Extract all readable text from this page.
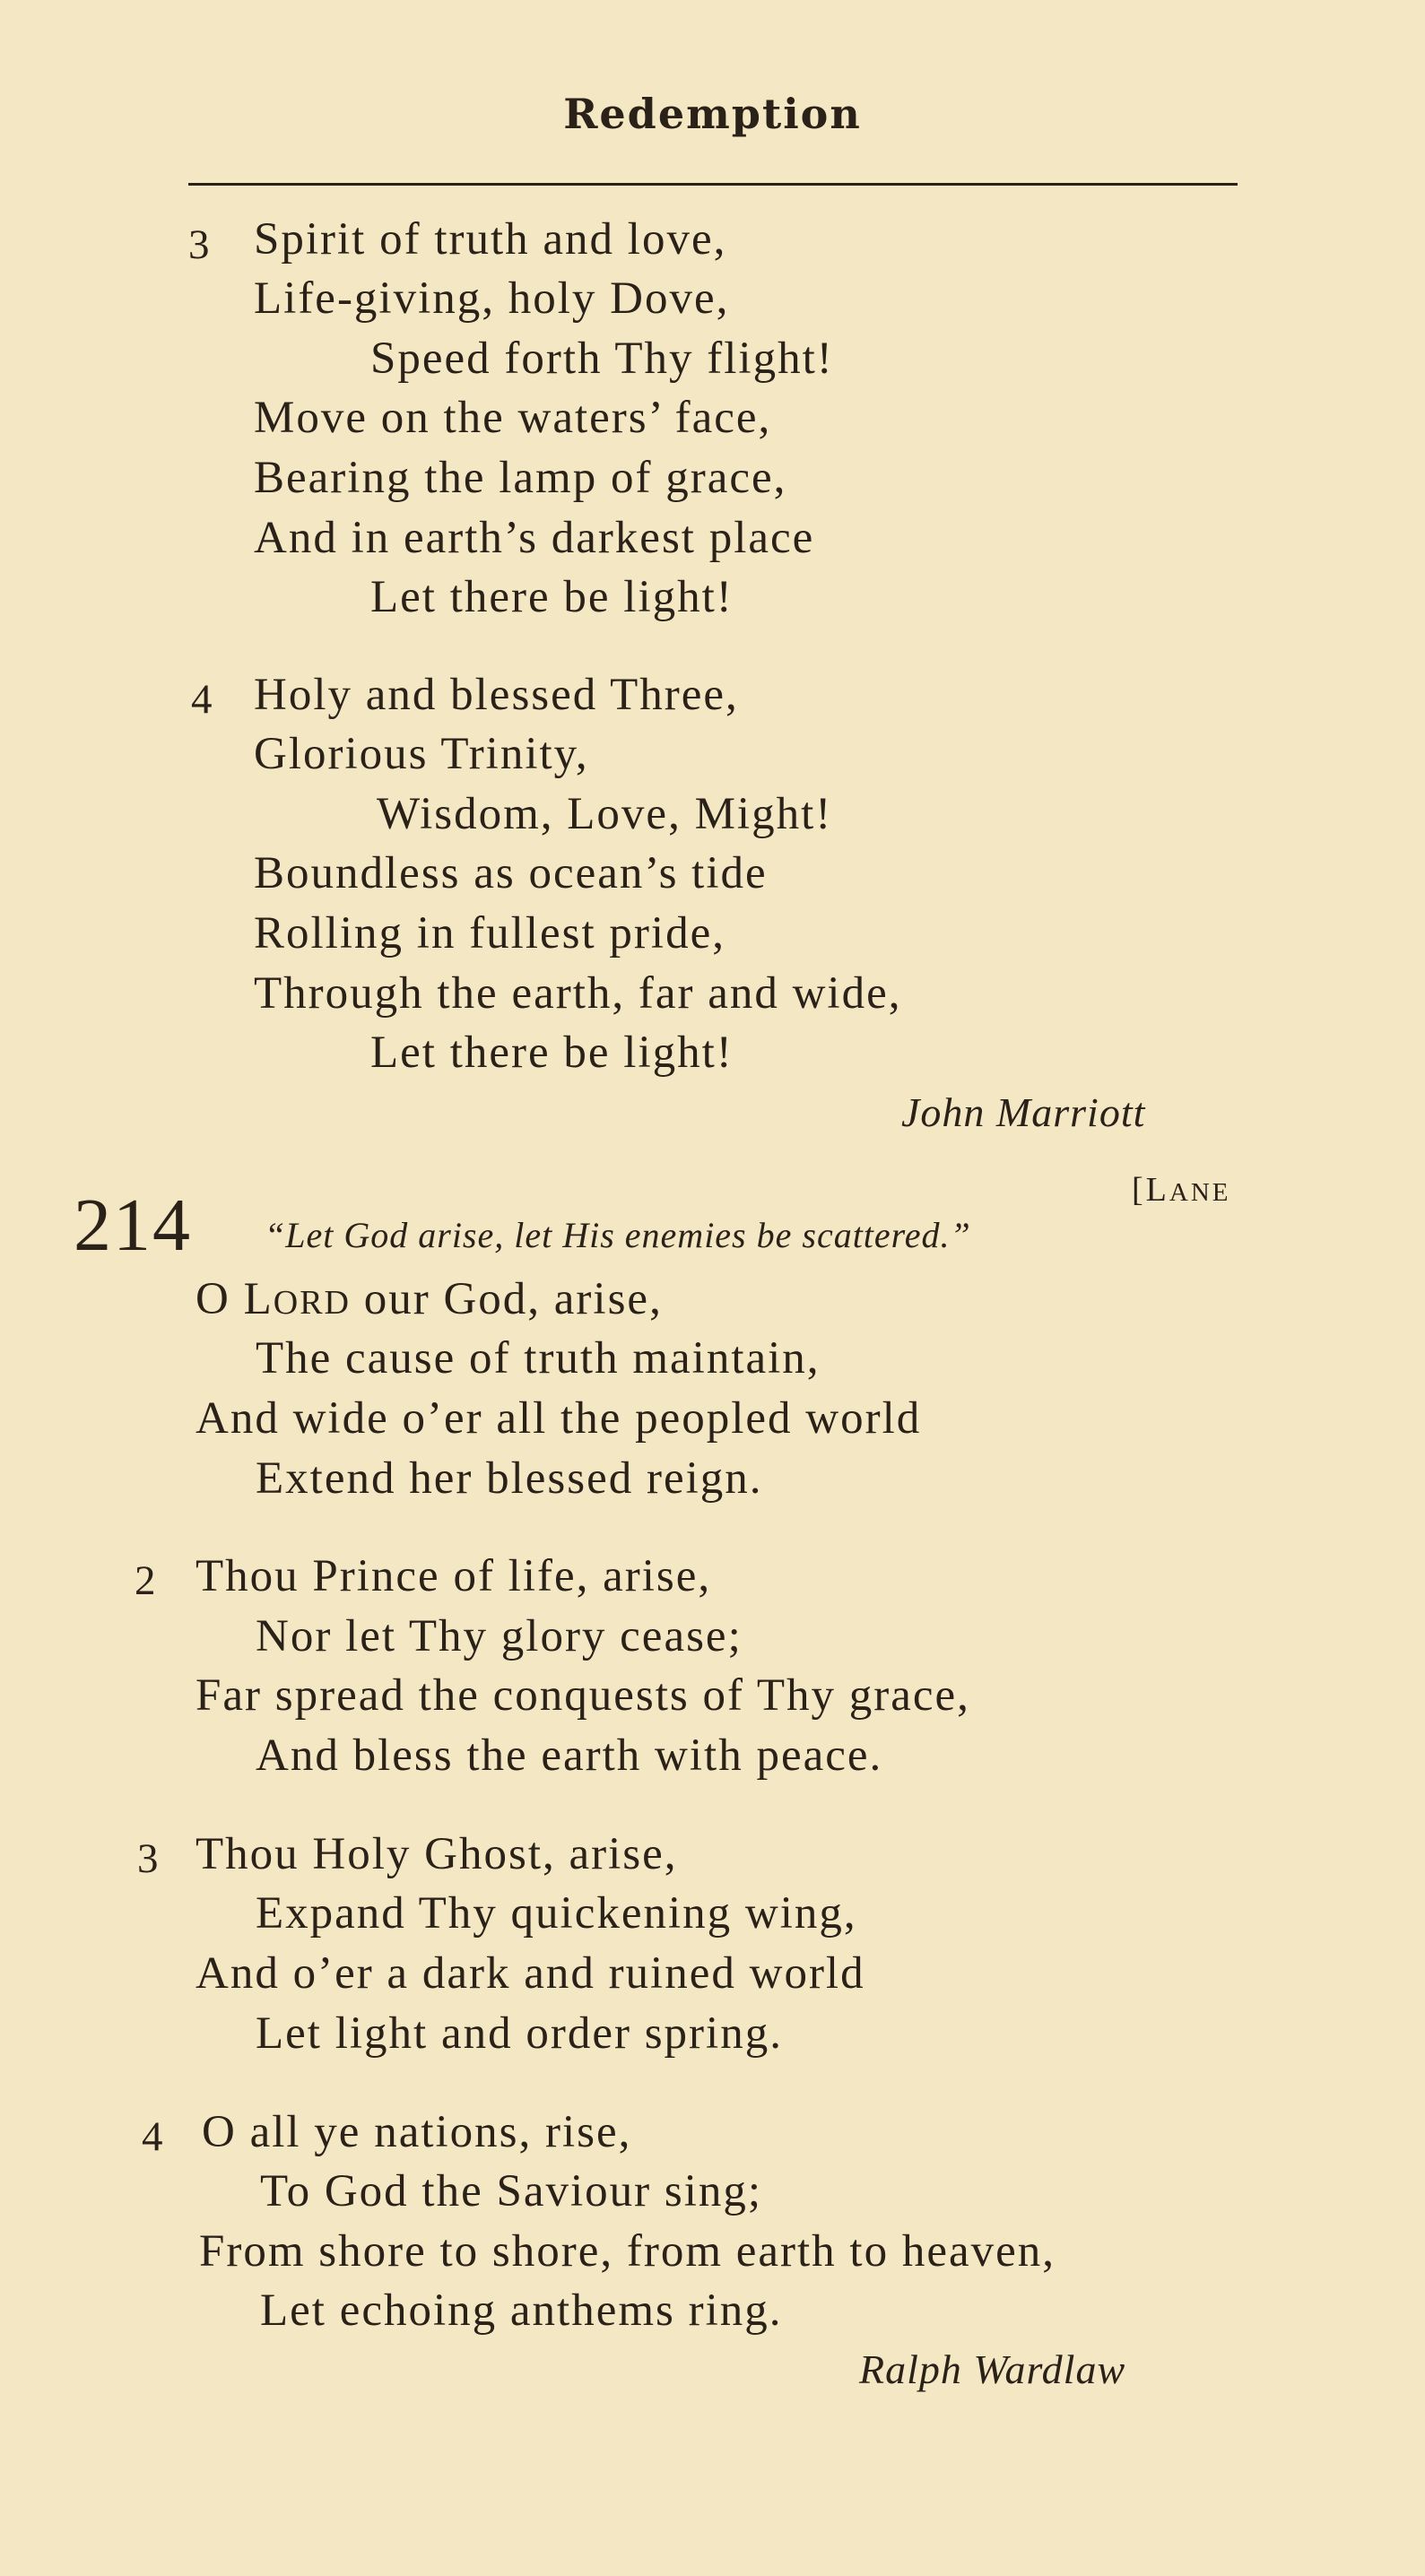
Redemption
3 Spirit of truth and love,
Life-giving, holy Dove,
Speed forth Thy flight!
Move on the waters’ face,
Bearing the lamp of grace,
And in earth’s darkest place
Let there be light!
4 Holy and blessed Three,
Glorious Trinity,
Wisdom, Love, Might!
Boundless as ocean’s tide
Rolling in fullest pride,
Through the earth, far and wide,
Let there be light!
John Marriott
214	[LANE
“Let God arise, let His enemies be scattered.”
O LORD our God, arise,
The cause of truth maintain,
And wide o’er all the peopled world
Extend her blessed reign.
2 Thou Prince of life, arise,
Nor let Thy glory cease;
Far spread the conquests of Thy grace,
And bless the earth with peace.
3 Thou Holy Ghost, arise,
Expand Thy quickening wing,
And o’er a dark and ruined world
Let light and order spring.
4 O all ye nations, rise,
To God the Saviour sing;
From shore to shore, from earth to heaven,
Let echoing anthems ring.
Ralph Wardlaw
